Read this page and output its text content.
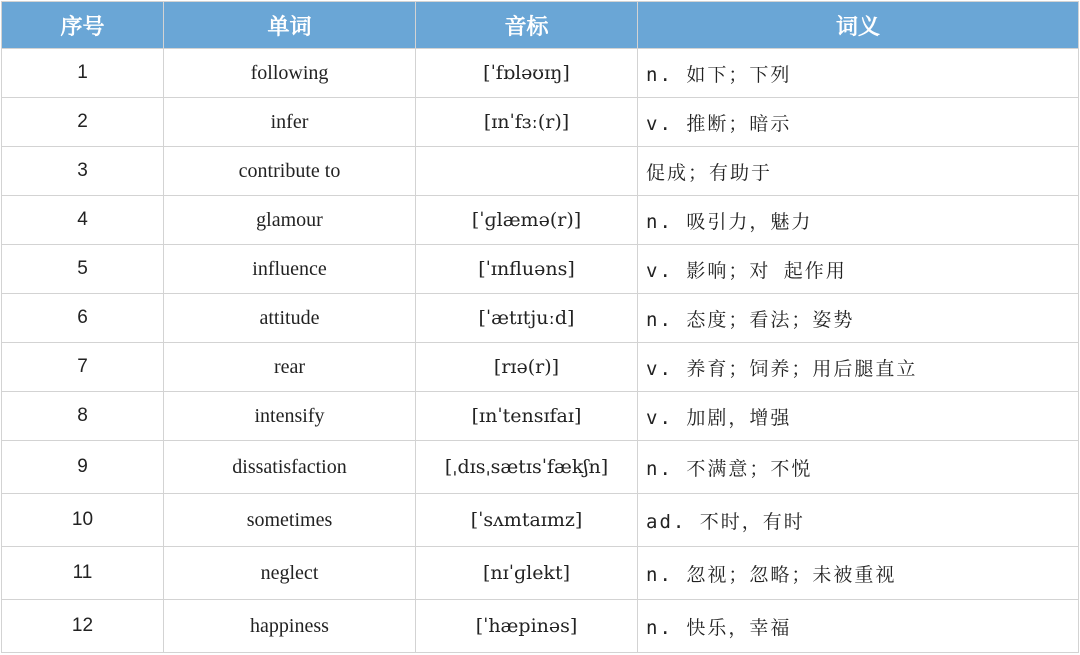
序号	单词	音标	词义
1	following	[ˈfɒləʊɪŋ]	n. 如下；下列
2	infer	[ɪnˈfɜː(r)]	v. 推断；暗示
3	contribute to		促成；有助于
4	glamour	[ˈɡlæmə(r)]	n. 吸引力，魅力
5	influence	[ˈɪnfluəns]	v. 影响；对 起作用
6	attitude	[ˈætɪtjuːd]	n. 态度；看法；姿势
7	rear	[rɪə(r)]	v. 养育；饲养；用后腿直立
8	intensify	[ɪnˈtensɪfaɪ]	v. 加剧，增强
9	dissatisfaction	[ˌdɪsˌsætɪsˈfækʃn]	n. 不满意；不悦
10	sometimes	[ˈsʌmtaɪmz]	ad. 不时，有时
11	neglect	[nɪˈɡlekt]	n. 忽视；忽略；未被重视
12	happiness	[ˈhæpinəs]	n. 快乐，幸福
